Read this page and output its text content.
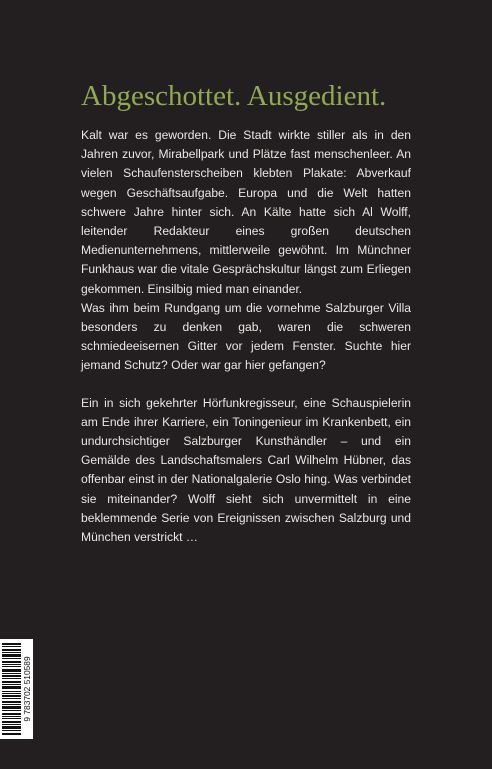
Abgeschottet. Ausgedient.

Kalt war es geworden. Die Stadt wirkte stiller als in den Jahren zuvor, Mirabellpark und Plätze fast menschenleer. An vielen Schaufensterscheiben klebten Plakate: Abverkauf wegen Geschäftsaufgabe. Europa und die Welt hatten schwere Jahre hinter sich. An Kälte hatte sich Al Wolff, leitender Redakteur eines großen deutschen Medienunternehmens, mittlerweile gewöhnt. Im Münchner Funkhaus war die vitale Gesprächskultur längst zum Erliegen gekommen. Einsilbig mied man einander.

Was ihm beim Rundgang um die vornehme Salzburger Villa besonders zu denken gab, waren die schweren schmiedeeisernen Gitter vor jedem Fenster. Suchte hier jemand Schutz? Oder war gar hier gefangen?

Ein in sich gekehrter Hörfunkregisseur, eine Schauspielerin am Ende ihrer Karriere, ein Toningenieur im Krankenbett, ein undurchsichtiger Salzburger Kunsthändler – und ein Gemälde des Landschaftsmalers Carl Wilhelm Hübner, das offenbar einst in der Nationalgalerie Oslo hing. Was verbindet sie miteinander? Wolff sieht sich unvermittelt in eine beklemmende Serie von Ereignissen zwischen Salzburg und München verstrickt …

9 783702 510589
